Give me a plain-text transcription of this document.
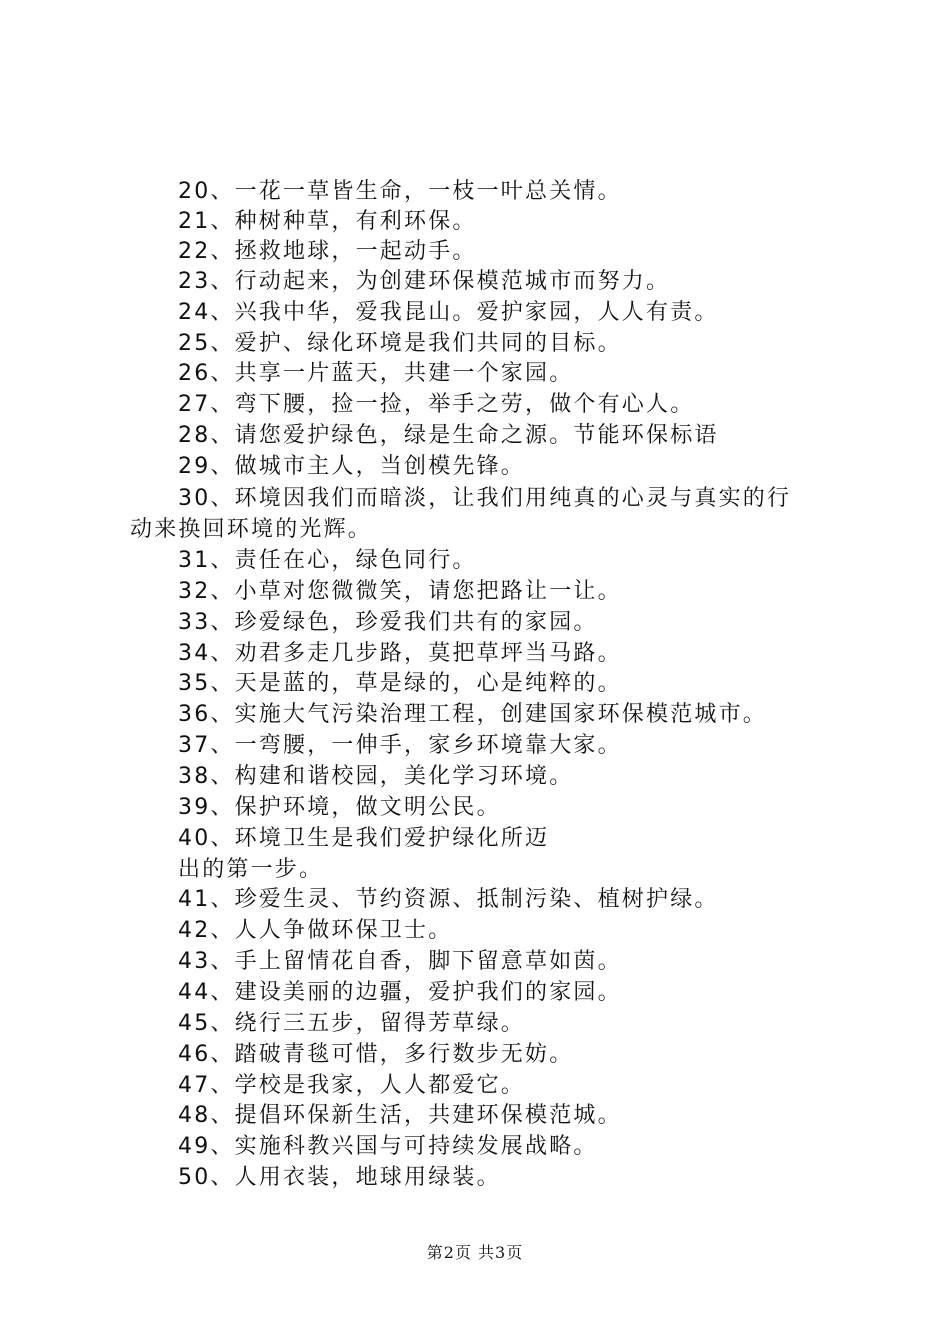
20、一花一草皆生命，一枝一叶总关情。
21、种树种草，有利环保。
22、拯救地球，一起动手。
23、行动起来，为创建环保模范城市而努力。
24、兴我中华，爱我昆山。爱护家园，人人有责。
25、爱护、绿化环境是我们共同的目标。
26、共享一片蓝天，共建一个家园。
27、弯下腰，捡一捡，举手之劳，做个有心人。
28、请您爱护绿色，绿是生命之源。节能环保标语
29、做城市主人，当创模先锋。
30、环境因我们而暗淡，让我们用纯真的心灵与真实的行
动来换回环境的光辉。
31、责任在心，绿色同行。
32、小草对您微微笑，请您把路让一让。
33、珍爱绿色，珍爱我们共有的家园。
34、劝君多走几步路，莫把草坪当马路。
35、天是蓝的，草是绿的，心是纯粹的。
36、实施大气污染治理工程，创建国家环保模范城市。
37、一弯腰，一伸手，家乡环境靠大家。
38、构建和谐校园，美化学习环境。
39、保护环境，做文明公民。
40、环境卫生是我们爱护绿化所迈
出的第一步。
41、珍爱生灵、节约资源、抵制污染、植树护绿。
42、人人争做环保卫士。
43、手上留情花自香，脚下留意草如茵。
44、建设美丽的边疆，爱护我们的家园。
45、绕行三五步，留得芳草绿。
46、踏破青毯可惜，多行数步无妨。
47、学校是我家，人人都爱它。
48、提倡环保新生活，共建环保模范城。
49、实施科教兴国与可持续发展战略。
50、人用衣装，地球用绿装。
第2页 共3页
